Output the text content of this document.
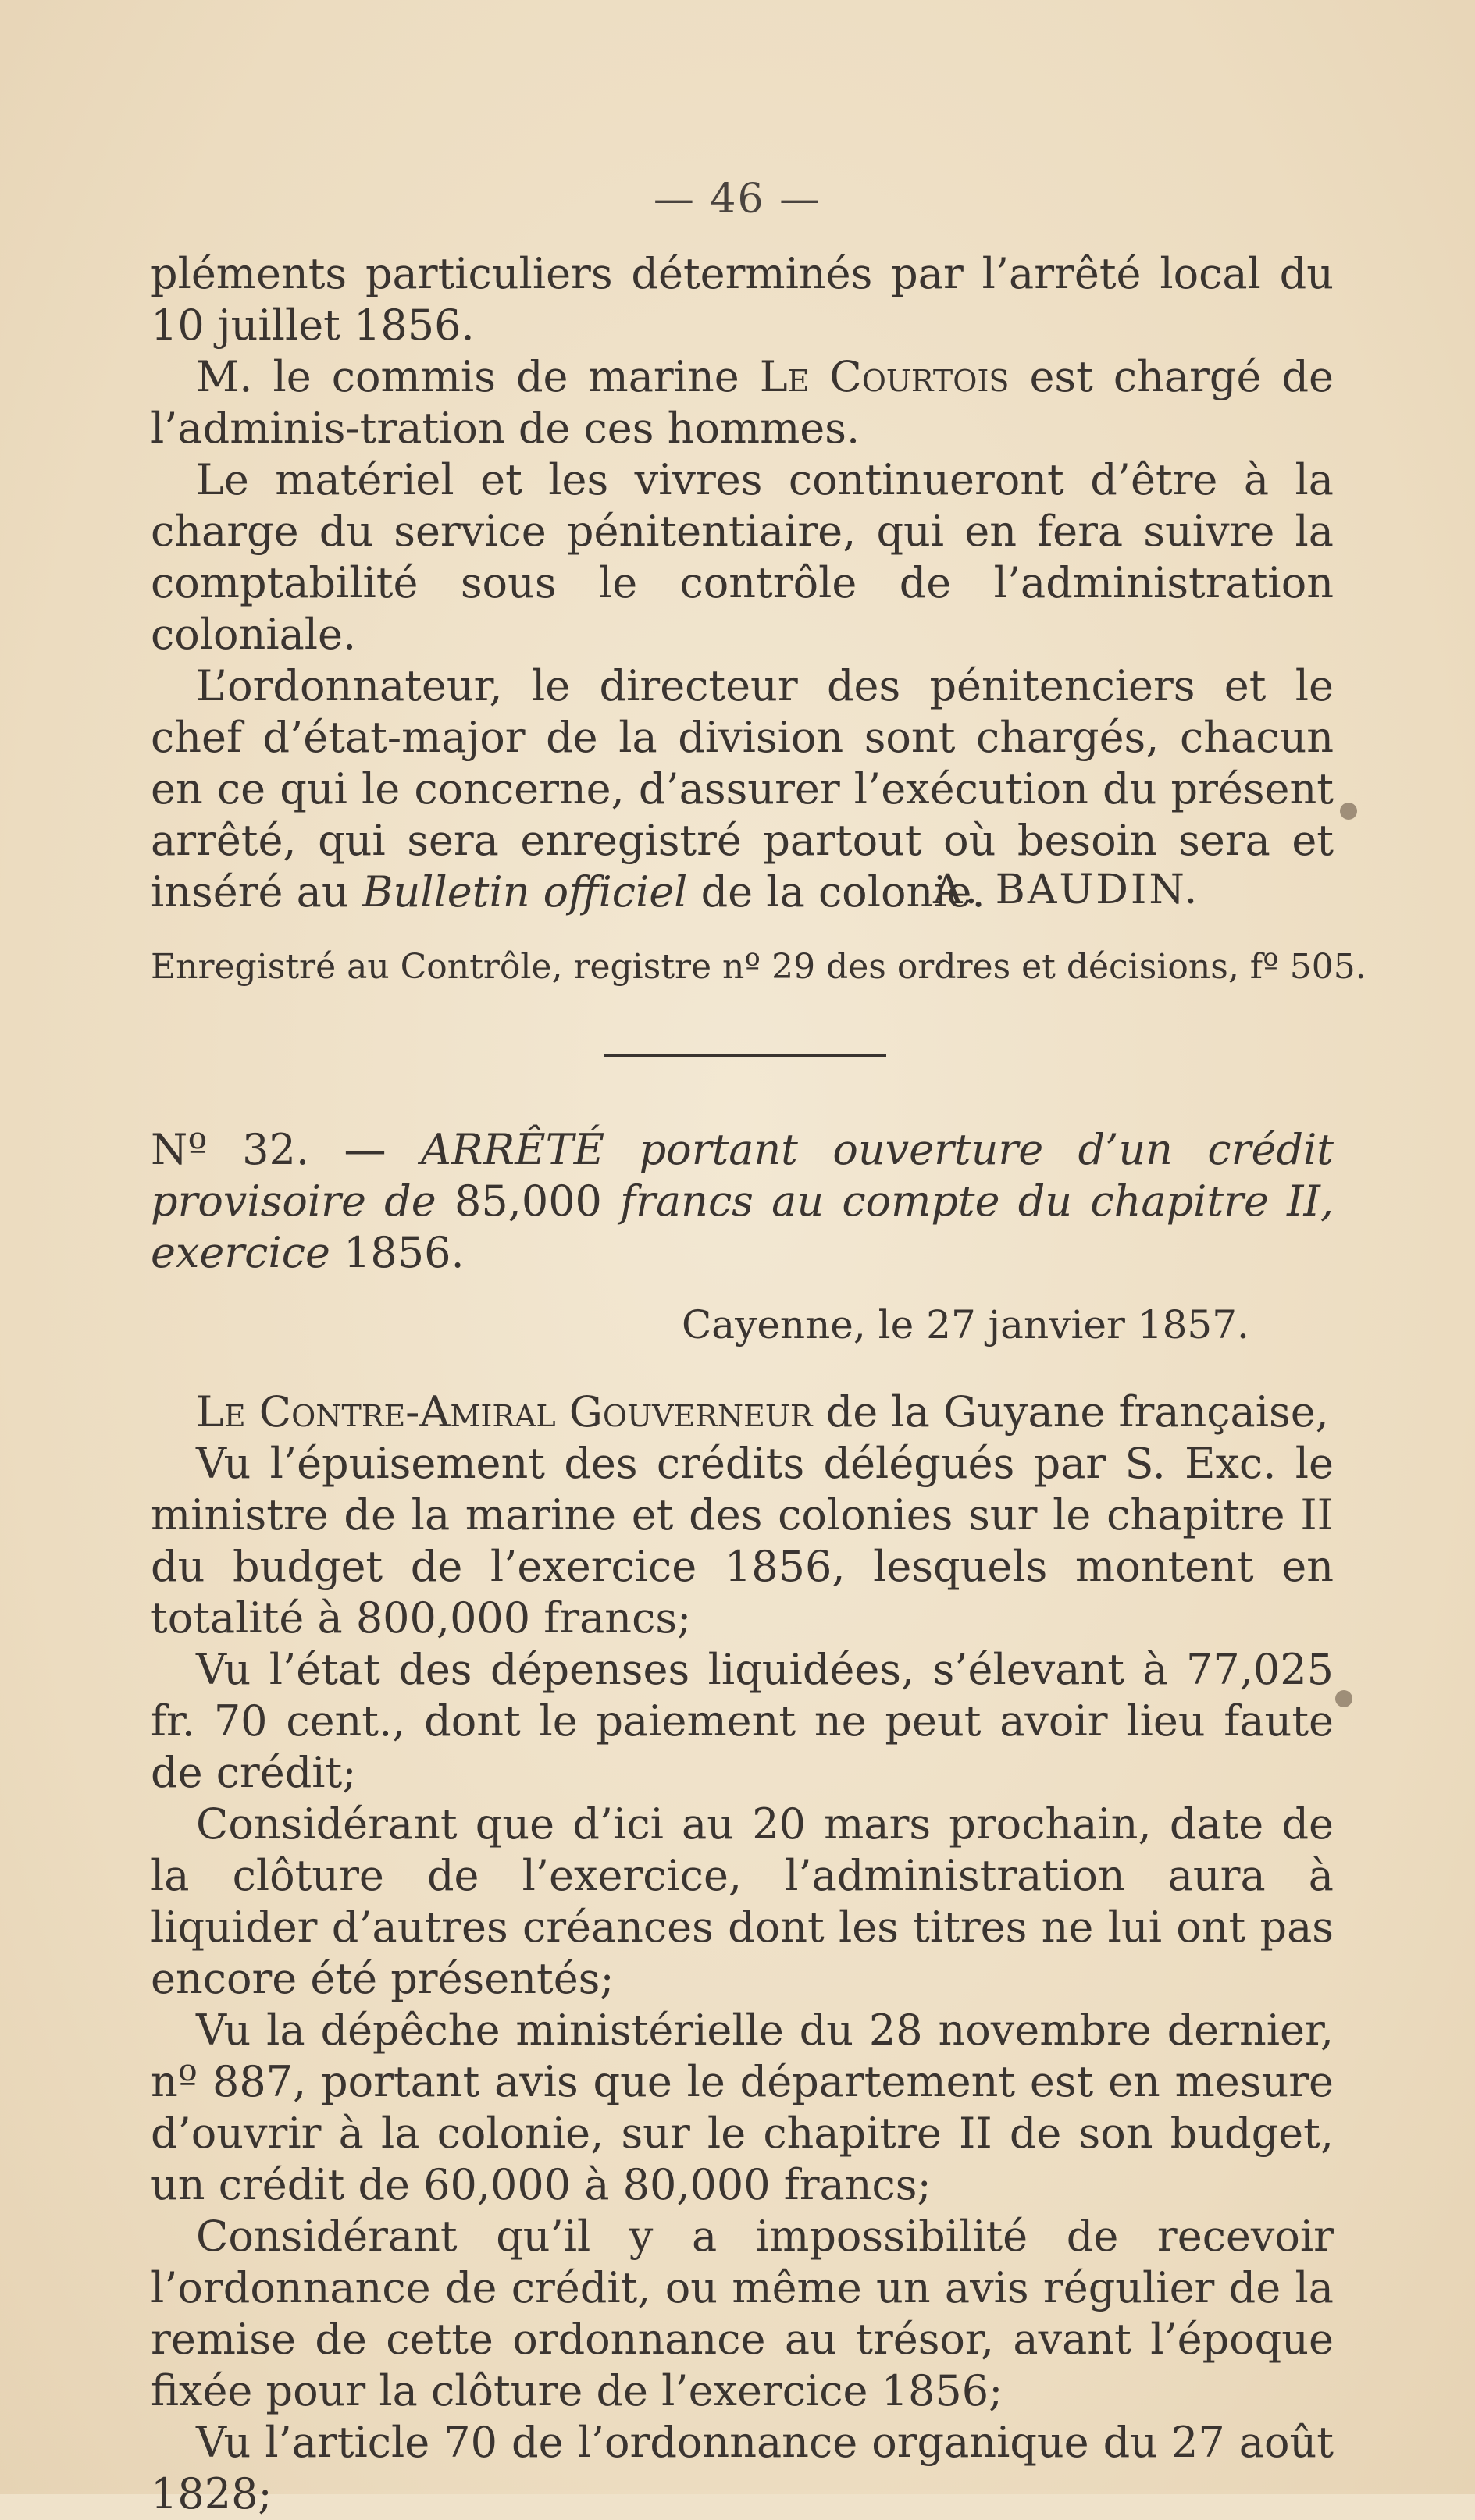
— 46 —

pléments particuliers déterminés par l’arrêté local du 10 juillet 1856.

M. le commis de marine Le Courtois est chargé de l’adminis-tration de ces hommes.

Le matériel et les vivres continueront d’être à la charge du service pénitentiaire, qui en fera suivre la comptabilité sous le contrôle de l’administration coloniale.

L’ordonnateur, le directeur des pénitenciers et le chef d’état-major de la division sont chargés, chacun en ce qui le concerne, d’assurer l’exécution du présent arrêté, qui sera enregistré partout où besoin sera et inséré au Bulletin officiel de la colonie.

A. BAUDIN.
Enregistré au Contrôle, registre nº 29 des ordres et décisions, fº 505.
Nº 32. — ARRÊTÉ portant ouverture d’un crédit provisoire de 85,000 francs au compte du chapitre II, exercice 1856.
Cayenne, le 27 janvier 1857.

Le Contre-Amiral Gouverneur de la Guyane française,

Vu l’épuisement des crédits délégués par S. Exc. le ministre de la marine et des colonies sur le chapitre II du budget de l’exercice 1856, lesquels montent en totalité à 800,000 francs;

Vu l’état des dépenses liquidées, s’élevant à 77,025 fr. 70 cent., dont le paiement ne peut avoir lieu faute de crédit;

Considérant que d’ici au 20 mars prochain, date de la clôture de l’exercice, l’administration aura à liquider d’autres créances dont les titres ne lui ont pas encore été présentés;

Vu la dépêche ministérielle du 28 novembre dernier, nº 887, portant avis que le département est en mesure d’ouvrir à la colonie, sur le chapitre II de son budget, un crédit de 60,000 à 80,000 francs;

Considérant qu’il y a impossibilité de recevoir l’ordonnance de crédit, ou même un avis régulier de la remise de cette ordonnance au trésor, avant l’époque fixée pour la clôture de l’exercice 1856;

Vu l’article 70 de l’ordonnance organique du 27 août 1828;
